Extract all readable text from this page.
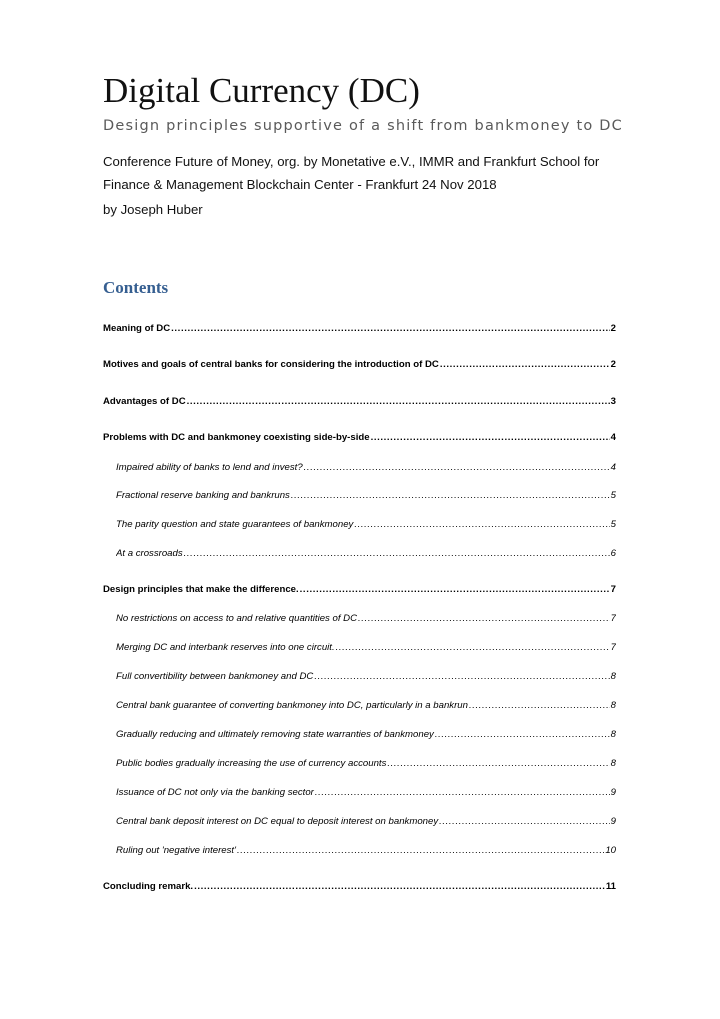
Digital Currency (DC)
Design principles supportive of a shift from bankmoney to DC
Conference Future of Money, org. by Monetative e.V., IMMR and Frankfurt School for Finance & Management Blockchain Center - Frankfurt 24 Nov 2018
by Joseph Huber
Contents
Meaning of DC .....	2
Motives and goals of central banks for considering the introduction of DC .....	2
Advantages of DC .....	3
Problems with DC and bankmoney coexisting side-by-side .....	4
Impaired ability of banks to lend and invest? .....	4
Fractional reserve banking and bankruns .....	5
The parity question and state guarantees of bankmoney .....	5
At a crossroads .....	6
Design principles that make the difference. .....	7
No restrictions on access to and relative quantities of DC .....	7
Merging DC and interbank reserves into one circuit. .....	7
Full convertibility between bankmoney and DC .....	8
Central bank guarantee of converting bankmoney into DC, particularly in a bankrun .....	8
Gradually reducing and ultimately removing state warranties of bankmoney .....	8
Public bodies gradually increasing the use of currency accounts .....	8
Issuance of DC not only via the banking sector .....	9
Central bank deposit interest on DC equal to deposit interest on bankmoney .....	9
Ruling out 'negative interest' .....	10
Concluding remark. .....	11
